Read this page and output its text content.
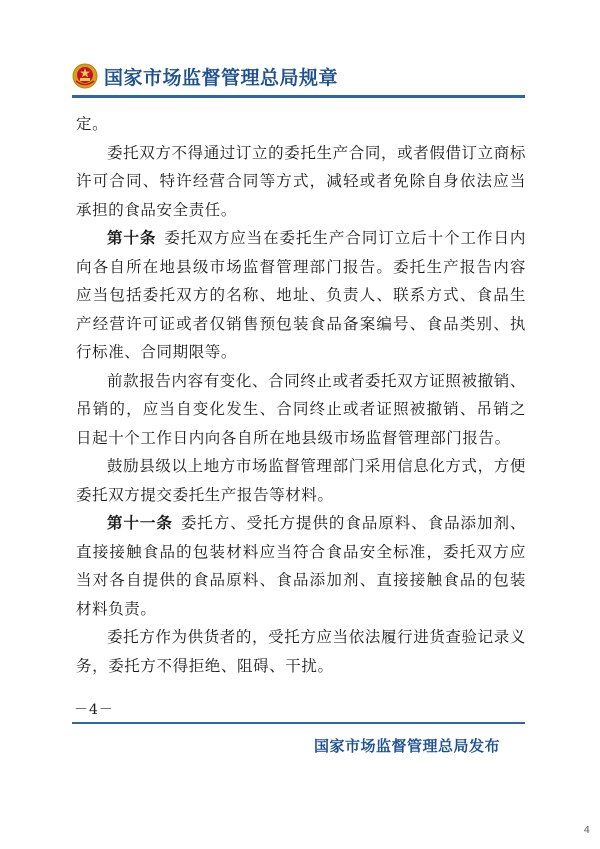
国家市场监督管理总局规章

定。

委托双方不得通过订立的委托生产合同，或者假借订立商标许可合同、特许经营合同等方式，减轻或者免除自身依法应当承担的食品安全责任。

第十条 委托双方应当在委托生产合同订立后十个工作日内向各自所在地县级市场监督管理部门报告。委托生产报告内容应当包括委托双方的名称、地址、负责人、联系方式、食品生产经营许可证或者仅销售预包装食品备案编号、食品类别、执行标准、合同期限等。

前款报告内容有变化、合同终止或者委托双方证照被撤销、吊销的，应当自变化发生、合同终止或者证照被撤销、吊销之日起十个工作日内向各自所在地县级市场监督管理部门报告。

鼓励县级以上地方市场监督管理部门采用信息化方式，方便委托双方提交委托生产报告等材料。

第十一条 委托方、受托方提供的食品原料、食品添加剂、直接接触食品的包装材料应当符合食品安全标准，委托双方应当对各自提供的食品原料、食品添加剂、直接接触食品的包装材料负责。

委托方作为供货者的，受托方应当依法履行进货查验记录义务，委托方不得拒绝、阻碍、干扰。

－4－
国家市场监督管理总局发布
4
